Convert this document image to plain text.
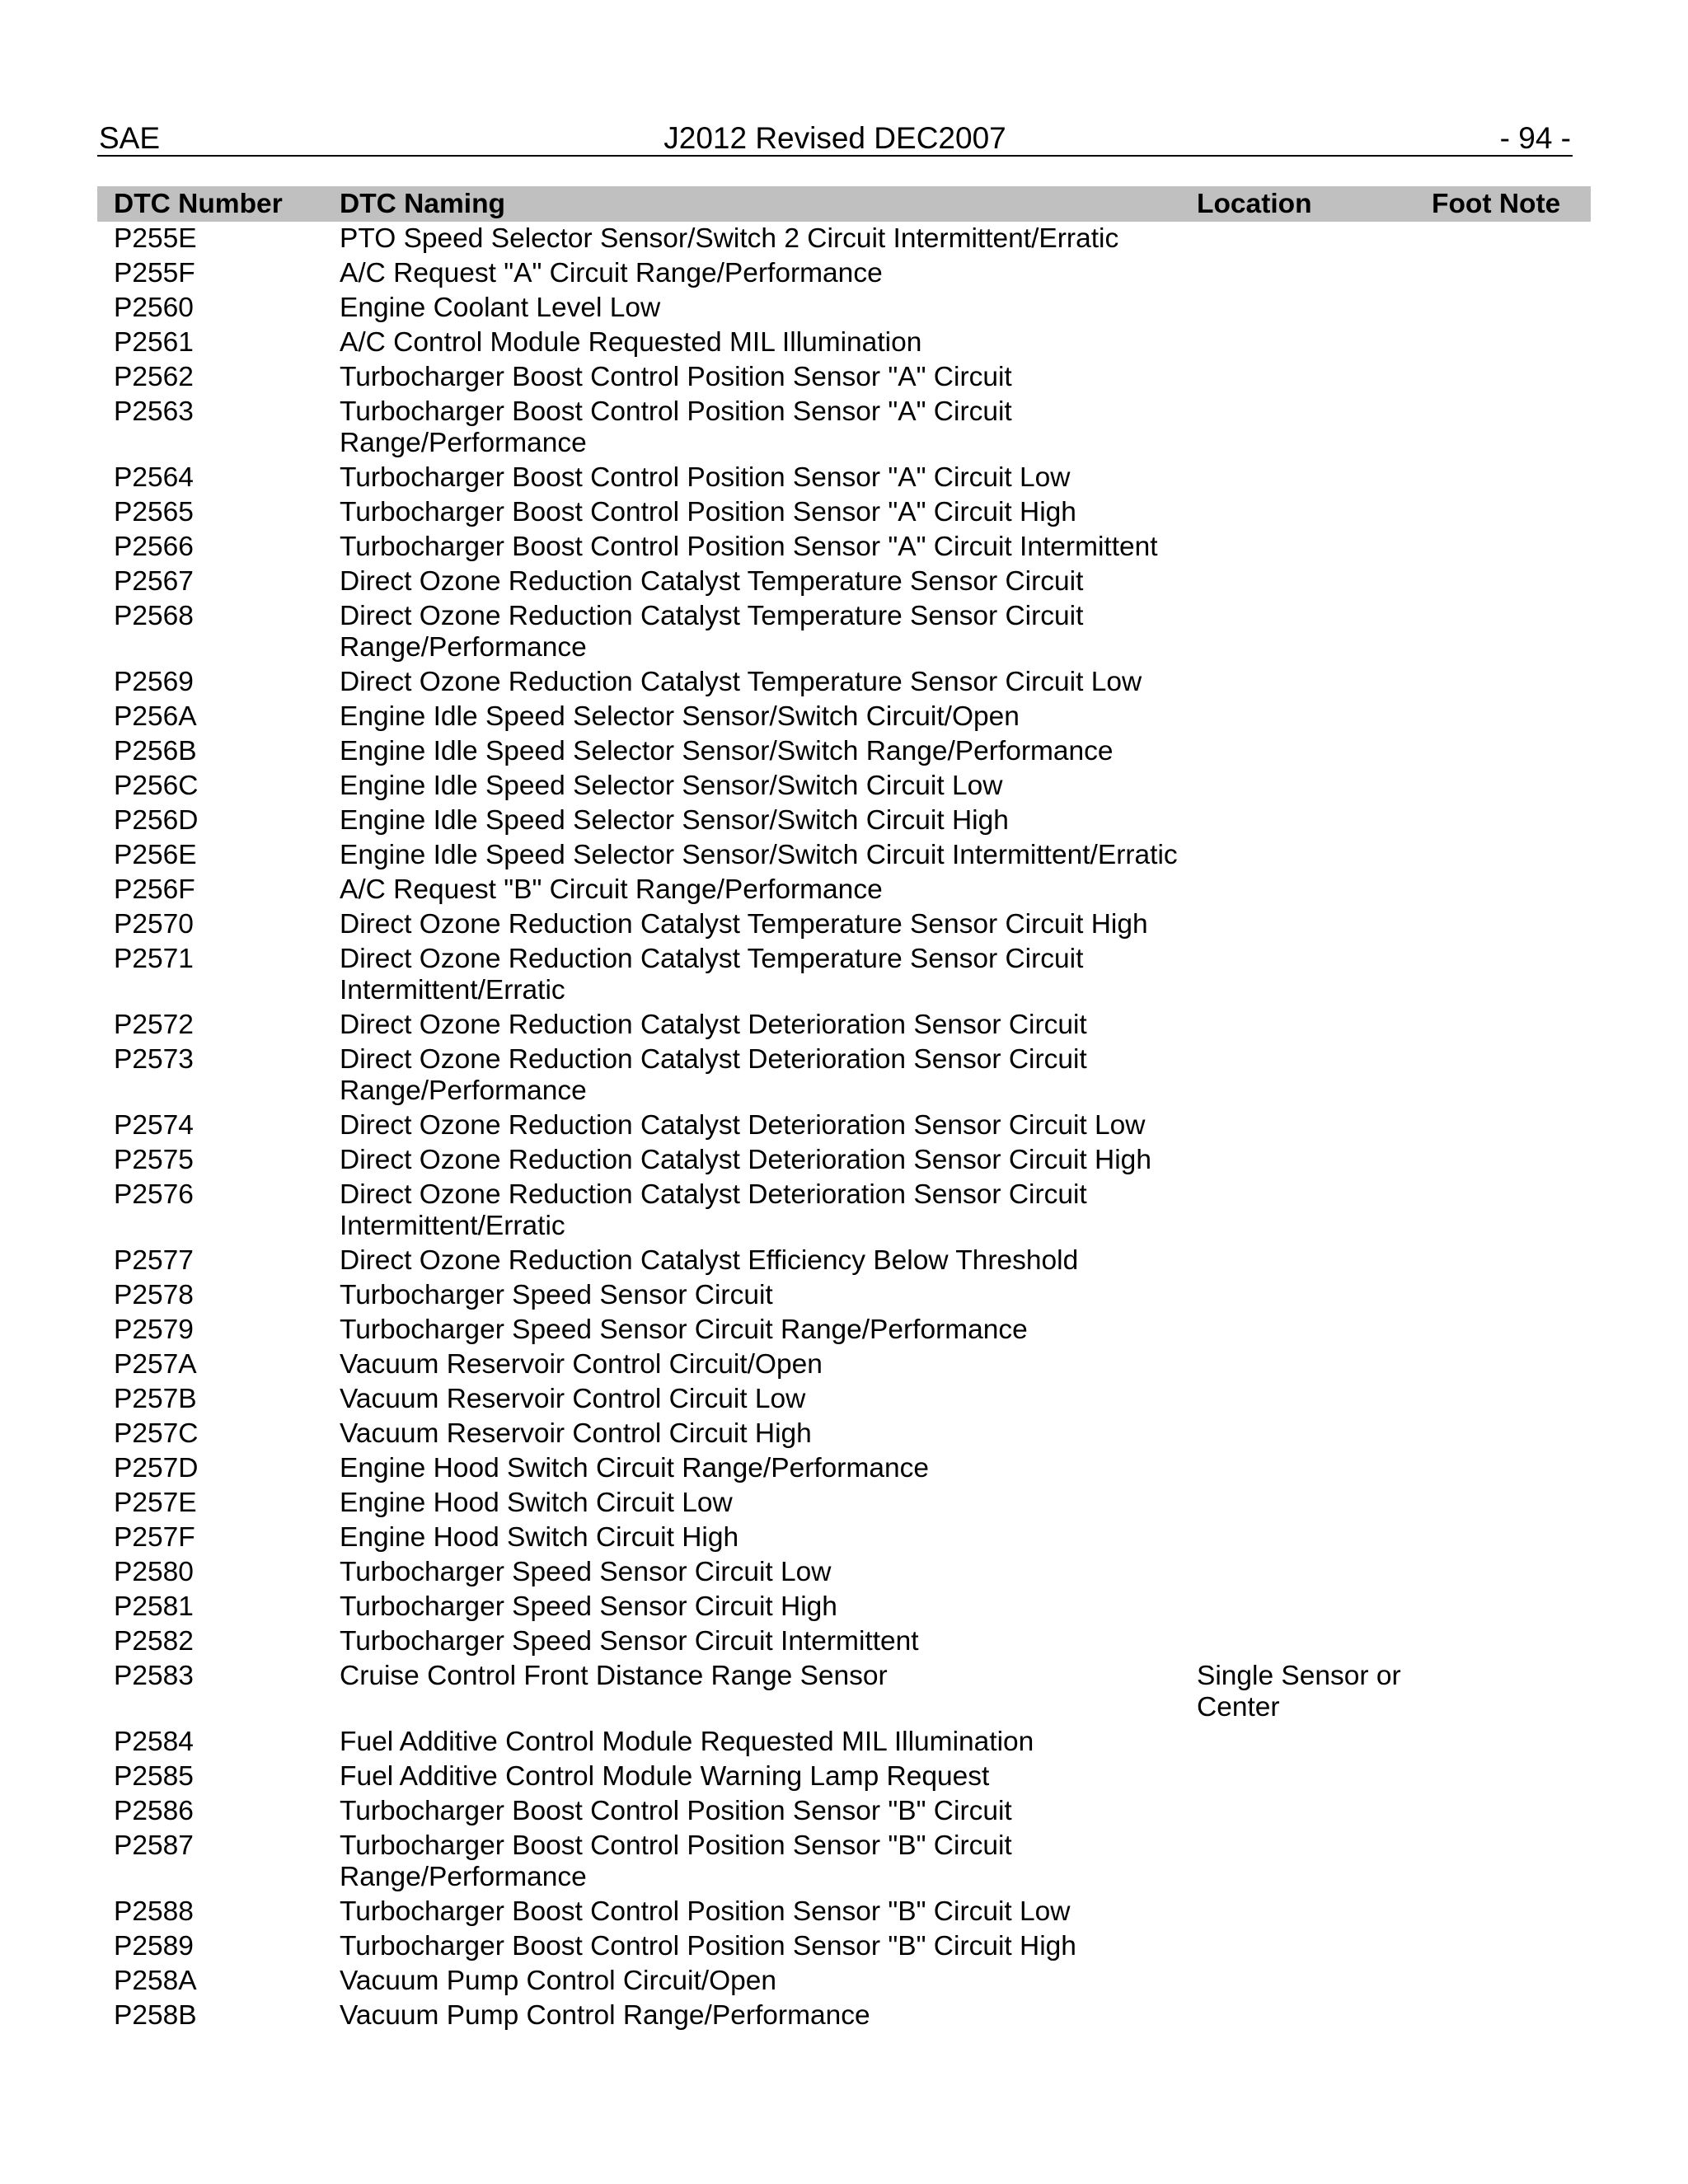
SAE	J2012 Revised DEC2007	- 94 -
DTC Number	DTC Naming	Location	Foot Note
P255E	PTO Speed Selector Sensor/Switch 2 Circuit Intermittent/Erratic		
P255F	A/C Request "A" Circuit Range/Performance		
P2560	Engine Coolant Level Low		
P2561	A/C Control Module Requested MIL Illumination		
P2562	Turbocharger Boost Control Position Sensor "A" Circuit		
P2563	Turbocharger Boost Control Position Sensor "A" Circuit Range/Performance		
P2564	Turbocharger Boost Control Position Sensor "A" Circuit Low		
P2565	Turbocharger Boost Control Position Sensor "A" Circuit High		
P2566	Turbocharger Boost Control Position Sensor "A" Circuit Intermittent		
P2567	Direct Ozone Reduction Catalyst Temperature Sensor Circuit		
P2568	Direct Ozone Reduction Catalyst Temperature Sensor Circuit Range/Performance		
P2569	Direct Ozone Reduction Catalyst Temperature Sensor Circuit Low		
P256A	Engine Idle Speed Selector Sensor/Switch Circuit/Open		
P256B	Engine Idle Speed Selector Sensor/Switch Range/Performance		
P256C	Engine Idle Speed Selector Sensor/Switch Circuit Low		
P256D	Engine Idle Speed Selector Sensor/Switch Circuit High		
P256E	Engine Idle Speed Selector Sensor/Switch Circuit Intermittent/Erratic		
P256F	A/C Request "B" Circuit Range/Performance		
P2570	Direct Ozone Reduction Catalyst Temperature Sensor Circuit High		
P2571	Direct Ozone Reduction Catalyst Temperature Sensor Circuit Intermittent/Erratic		
P2572	Direct Ozone Reduction Catalyst Deterioration Sensor Circuit		
P2573	Direct Ozone Reduction Catalyst Deterioration Sensor Circuit Range/Performance		
P2574	Direct Ozone Reduction Catalyst Deterioration Sensor Circuit Low		
P2575	Direct Ozone Reduction Catalyst Deterioration Sensor Circuit High		
P2576	Direct Ozone Reduction Catalyst Deterioration Sensor Circuit Intermittent/Erratic		
P2577	Direct Ozone Reduction Catalyst Efficiency Below Threshold		
P2578	Turbocharger Speed Sensor Circuit		
P2579	Turbocharger Speed Sensor Circuit Range/Performance		
P257A	Vacuum Reservoir Control Circuit/Open		
P257B	Vacuum Reservoir Control Circuit Low		
P257C	Vacuum Reservoir Control Circuit High		
P257D	Engine Hood Switch Circuit Range/Performance		
P257E	Engine Hood Switch Circuit Low		
P257F	Engine Hood Switch Circuit High		
P2580	Turbocharger Speed Sensor Circuit Low		
P2581	Turbocharger Speed Sensor Circuit High		
P2582	Turbocharger Speed Sensor Circuit Intermittent		
P2583	Cruise Control Front Distance Range Sensor	Single Sensor or Center	
P2584	Fuel Additive Control Module Requested MIL Illumination		
P2585	Fuel Additive Control Module Warning Lamp Request		
P2586	Turbocharger Boost Control Position Sensor "B" Circuit		
P2587	Turbocharger Boost Control Position Sensor "B" Circuit Range/Performance		
P2588	Turbocharger Boost Control Position Sensor "B" Circuit Low		
P2589	Turbocharger Boost Control Position Sensor "B" Circuit High		
P258A	Vacuum Pump Control Circuit/Open		
P258B	Vacuum Pump Control Range/Performance		
